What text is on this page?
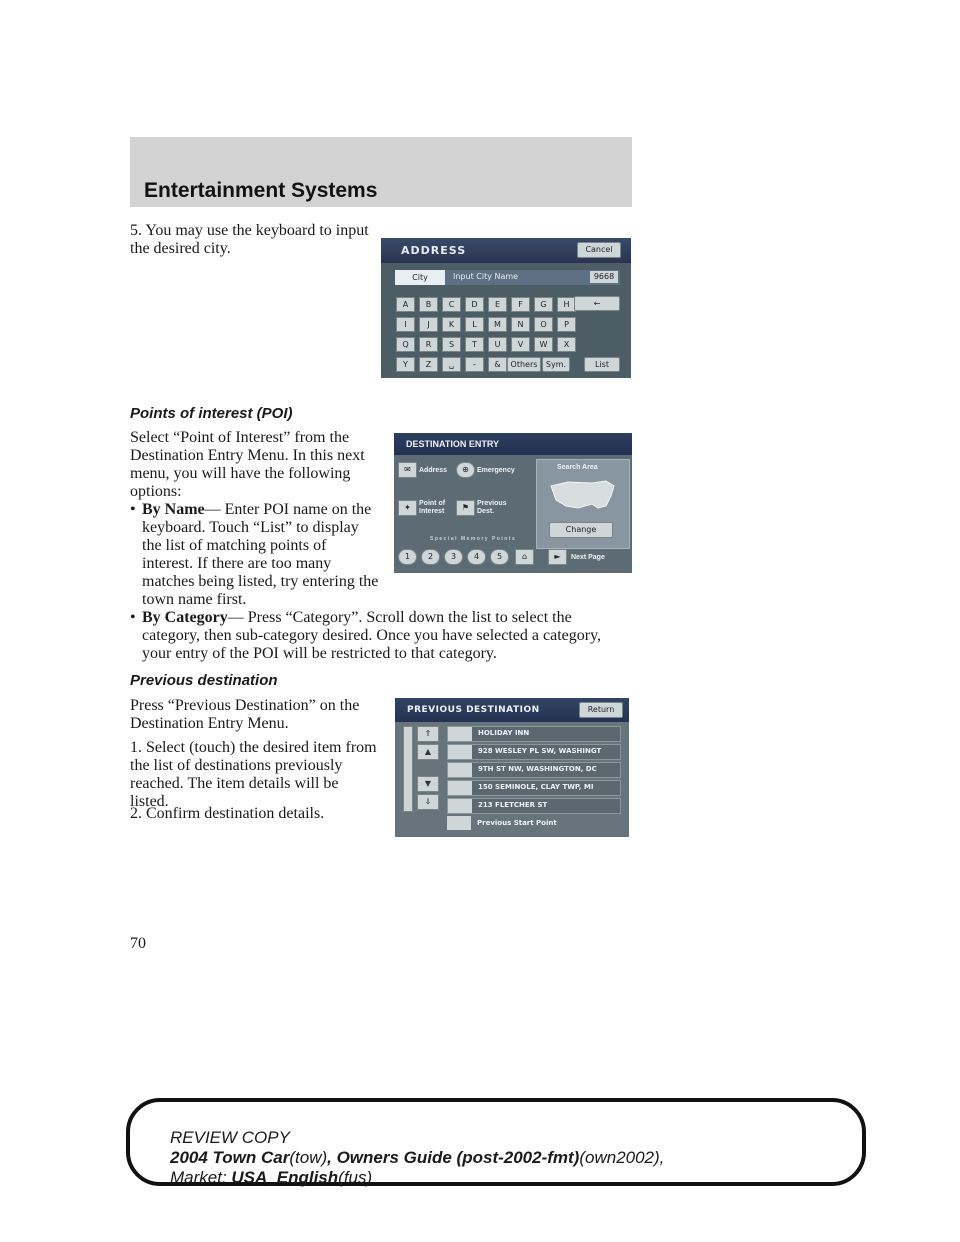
Entertainment Systems
5. You may use the keyboard to input the desired city.	ADDRESS	Cancel
City	Input City Name	9668
A	B	C	D	E	F	G	H
I	J	K	L	M	N	O	P
Q	R	S	T	U	V	W	X
Y	Z	␣	-	&
←
Others	Sym.	List
Points of interest (POI)
Select “Point of Interest” from the Destination Entry Menu. In this next menu, you will have the following options:
• By Name— Enter POI name on the keyboard. Touch “List” to display the list of matching points of interest. If there are too many matches being listed, try entering the town name first.
• By Category— Press “Category”. Scroll down the list to select the category, then sub-category desired. Once you have selected a category, your entry of the POI will be restricted to that category.
DESTINATION ENTRY
✉	Address	⊕	Emergency
✦	Point of Interest	⚑	Previous Dest.
Search Area
Change
Special Memory Points
1	2	3	4	5	⌂	►	Next Page
Previous destination
Press “Previous Destination” on the Destination Entry Menu.
1. Select (touch) the desired item from the list of destinations previously reached. The item details will be listed.
2. Confirm destination details.
PREVIOUS DESTINATION	Return
⇑
▲
▼
⇓
HOLIDAY INN
928 WESLEY PL SW, WASHINGT
9TH ST NW, WASHINGTON, DC
150 SEMINOLE, CLAY TWP, MI
213 FLETCHER ST
Previous Start Point
70
REVIEW COPY
2004 Town Car(tow), Owners Guide (post-2002-fmt)(own2002),
Market: USA_English(fus)
